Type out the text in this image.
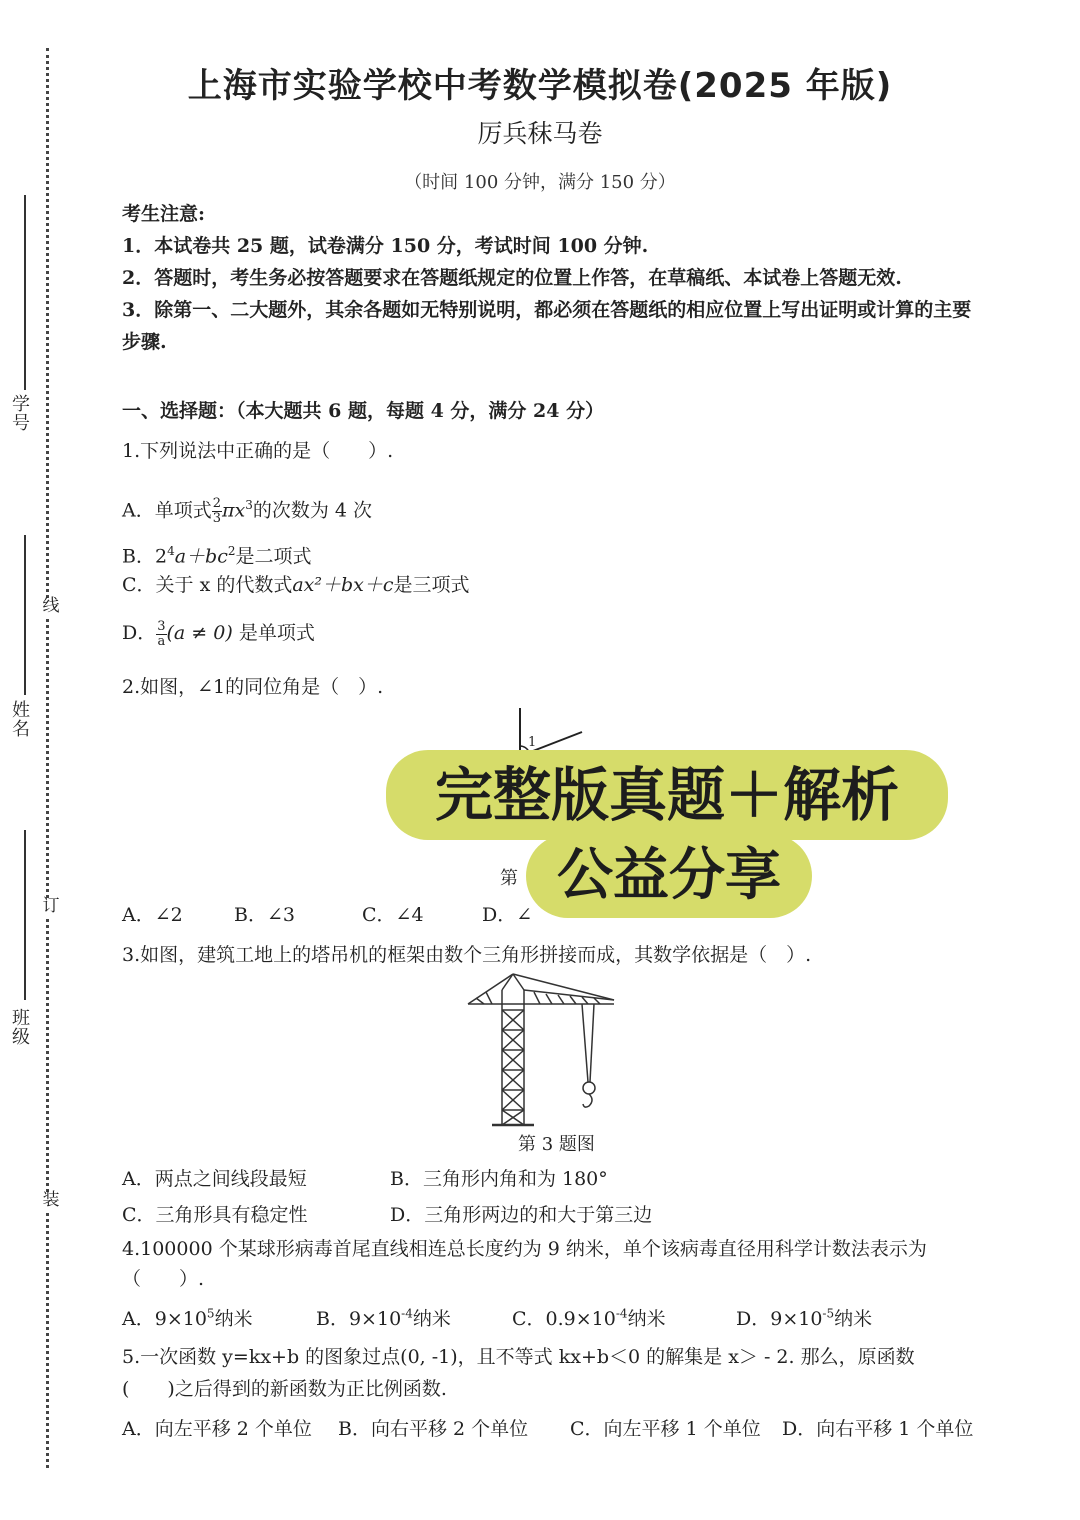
学号
姓名
班级
线
订
装
上海市实验学校中考数学模拟卷(2025 年版)
厉兵秣马卷
（时间 100 分钟，满分 150 分）
考生注意:
1．本试卷共 25 题，试卷满分 150 分，考试时间 100 分钟.
2．答题时，考生务必按答题要求在答题纸规定的位置上作答，在草稿纸、本试卷上答题无效.
3．除第一、二大题外，其余各题如无特别说明，都必须在答题纸的相应位置上写出证明或计算的主要步骤.
一、选择题：（本大题共 6 题，每题 4 分，满分 24 分）
1.下列说法中正确的是（　　）.
A．单项式 $\frac{2}{3} \pi x^3$的次数为 4 次
B．$2^4a+bc^2$是二项式
C．关于 x 的代数式ax²＋bx＋c是三项式
D． $\frac{3}{a} (a \ne 0)$ 是单项式
2.如图，∠1的同位角是（　）.
1
第
A．∠2	B．∠3	C．∠4	D．∠
完整版真题＋解析
公益分享
3.如图，建筑工地上的塔吊机的框架由数个三角形拼接而成，其数学依据是（　）.
第 3 题图
A．两点之间线段最短	B．三角形内角和为 180°
C．三角形具有稳定性	D．三角形两边的和大于第三边
4.100000 个某球形病毒首尾直线相连总长度约为 9 纳米，单个该病毒直径用科学计数法表示为（　　）.
A．$9\times 10^5$纳米	B．$9\times 10^{-4}$纳米	C．$0.9\times 10^{-4}$纳米	D．$9\times 10^{-5}$纳米
5.一次函数 y=kx+b 的图象过点(0, -1)，且不等式 kx+b＜0 的解集是 x＞ - 2. 那么，原函数
(　　)之后得到的新函数为正比例函数.
A．向左平移 2 个单位 B．向右平移 2 个单位 C．向左平移 1 个单位 D．向右平移 1 个单位
